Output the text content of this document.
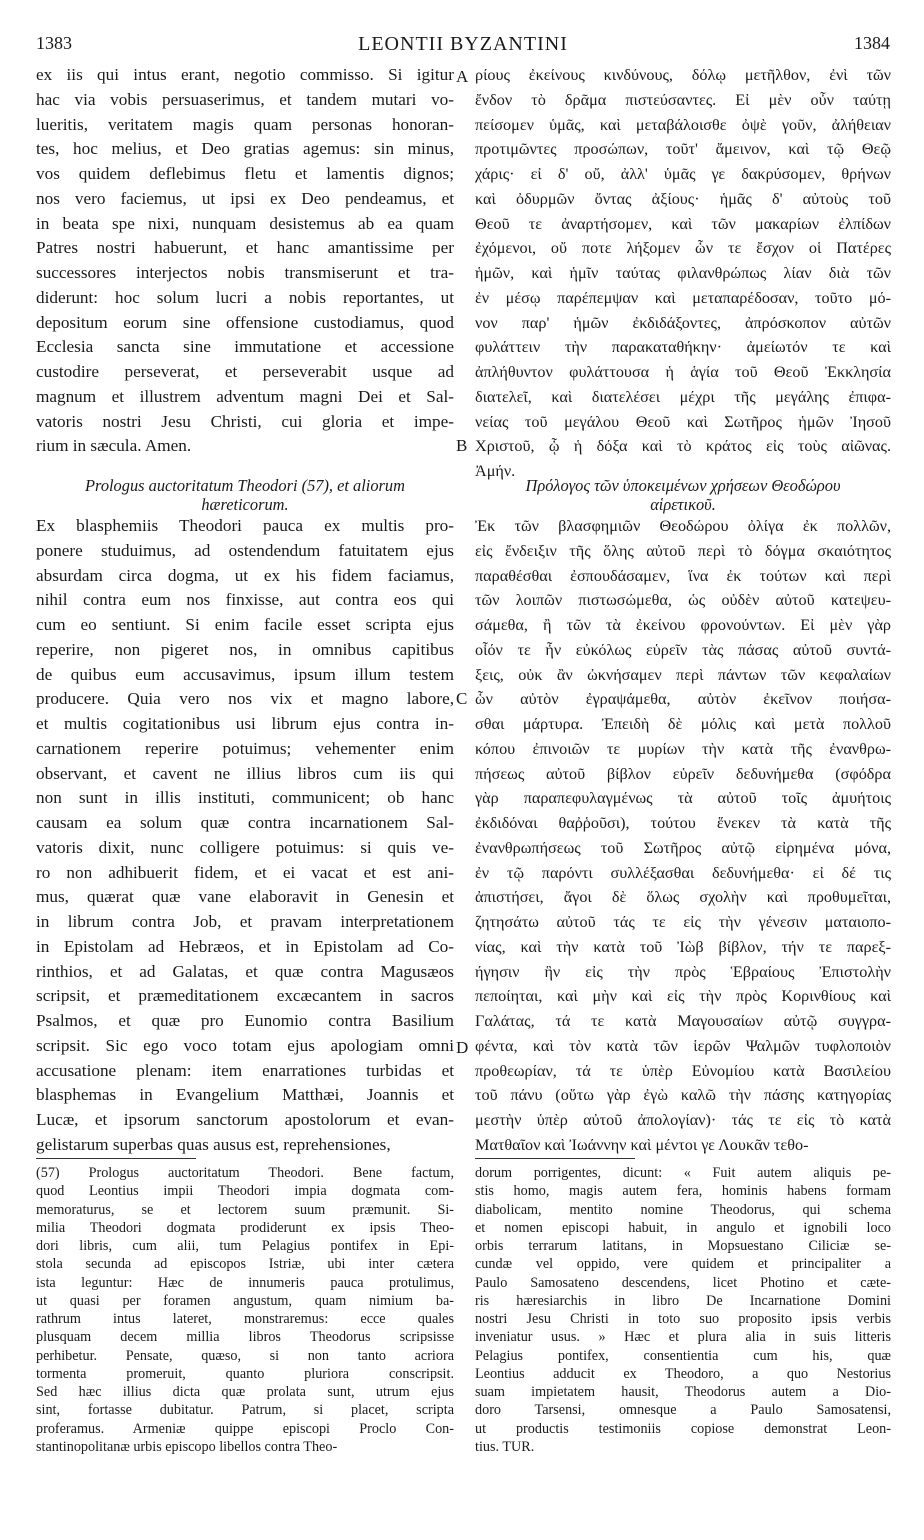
1383	LEONTII BYZANTINI	1384
ex iis qui intus erant, negotio commisso. Si igitur
hac via vobis persuaserimus, et tandem mutari vo-
lueritis, veritatem magis quam personas honoran-
tes, hoc melius, et Deo gratias agemus: sin minus,
vos quidem deflebimus fletu et lamentis dignos;
nos vero faciemus, ut ipsi ex Deo pendeamus, et
in beata spe nixi, nunquam desistemus ab ea quam
Patres nostri habuerunt, et hanc amantissime per
successores interjectos nobis transmiserunt et tra-
diderunt: hoc solum lucri a nobis reportantes, ut
depositum eorum sine offensione custodiamus, quod
Ecclesia sancta sine immutatione et accessione
custodire perseverat, et perseverabit usque ad
magnum et illustrem adventum magni Dei et Sal-
vatoris nostri Jesu Christi, cui gloria et impe-
rium in sæcula. Amen.
Prologus auctoritatum Theodori (57), et aliorum
hæreticorum.
Ex blasphemiis Theodori pauca ex multis pro-
ponere studuimus, ad ostendendum fatuitatem ejus
absurdam circa dogma, ut ex his fidem faciamus,
nihil contra eum nos finxisse, aut contra eos qui
cum eo sentiunt. Si enim facile esset scripta ejus
reperire, non pigeret nos, in omnibus capitibus
de quibus eum accusavimus, ipsum illum testem
producere. Quia vero nos vix et magno labore,
et multis cogitationibus usi librum ejus contra in-
carnationem reperire potuimus; vehementer enim
observant, et cavent ne illius libros cum iis qui
non sunt in illis instituti, communicent; ob hanc
causam ea solum quæ contra incarnationem Sal-
vatoris dixit, nunc colligere potuimus: si quis ve-
ro non adhibuerit fidem, et ei vacat et est ani-
mus, quærat quæ vane elaboravit in Genesin et
in librum contra Job, et pravam interpretationem
in Epistolam ad Hebræos, et in Epistolam ad Co-
rinthios, et ad Galatas, et quæ contra Magusæos
scripsit, et præmeditationem excæcantem in sacros
Psalmos, et quæ pro Eunomio contra Basilium
scripsit. Sic ego voco totam ejus apologiam omni
accusatione plenam: item enarrationes turbidas et
blasphemas in Evangelium Matthæi, Joannis et
Lucæ, et ipsorum sanctorum apostolorum et evan-
gelistarum superbas quas ausus est, reprehensiones,
ρίους ἐκείνους κινδύνους, δόλῳ μετῆλθον, ἐνὶ τῶν
ἔνδον τὸ δρᾶμα πιστεύσαντες. Εἰ μὲν οὖν ταύτῃ
πείσομεν ὑμᾶς, καὶ μεταβάλοισθε ὀψὲ γοῦν, ἀλήθειαν
προτιμῶντες προσώπων, τοῦτ' ἄμεινον, καὶ τῷ Θεῷ
χάρις· εἰ δ' οὔ, ἀλλ' ὑμᾶς γε δακρύσομεν, θρήνων
καὶ ὀδυρμῶν ὄντας ἀξίους· ἡμᾶς δ' αὐτοὺς τοῦ
Θεοῦ τε ἀναρτήσομεν, καὶ τῶν μακαρίων ἐλπίδων
ἐχόμενοι, οὔ ποτε λήξομεν ὧν τε ἔσχον οἱ Πατέρες
ἡμῶν, καὶ ἡμῖν ταύτας φιλανθρώπως λίαν διὰ τῶν
ἐν μέσῳ παρέπεμψαν καὶ μεταπαρέδοσαν, τοῦτο μό-
νον παρ' ἡμῶν ἐκδιδάξοντες, ἀπρόσκοπον αὐτῶν
φυλάττειν τὴν παρακαταθήκην· ἀμείωτόν τε καὶ
ἀπλήθυντον φυλάττουσα ἡ ἁγία τοῦ Θεοῦ Ἐκκλησία
διατελεῖ, καὶ διατελέσει μέχρι τῆς μεγάλης ἐπιφα-
νείας τοῦ μεγάλου Θεοῦ καὶ Σωτῆρος ἡμῶν Ἰησοῦ
Χριστοῦ, ᾧ ἡ δόξα καὶ τὸ κράτος εἰς τοὺς αἰῶνας.
Ἀμήν.
Πρόλογος τῶν ὑποκειμένων χρήσεων Θεοδώρου
αἱρετικοῦ.
Ἐκ τῶν βλασφημιῶν Θεοδώρου ὀλίγα ἐκ πολλῶν,
εἰς ἔνδειξιν τῆς ὅλης αὐτοῦ περὶ τὸ δόγμα σκαιότητος
παραθέσθαι ἐσπουδάσαμεν, ἵνα ἐκ τούτων καὶ περὶ
τῶν λοιπῶν πιστωσώμεθα, ὡς οὐδὲν αὐτοῦ κατεψευ-
σάμεθα, ἢ τῶν τὰ ἐκείνου φρονούντων. Εἰ μὲν γὰρ
οἷόν τε ἦν εὐκόλως εὑρεῖν τὰς πάσας αὐτοῦ συντά-
ξεις, οὐκ ἂν ὠκνήσαμεν περὶ πάντων τῶν κεφαλαίων
ὧν αὐτὸν ἐγραψάμεθα, αὐτὸν ἐκεῖνον ποιήσα-
σθαι μάρτυρα. Ἐπειδὴ δὲ μόλις καὶ μετὰ πολλοῦ
κόπου ἐπινοιῶν τε μυρίων τὴν κατὰ τῆς ἐνανθρω-
πήσεως αὐτοῦ βίβλον εὑρεῖν δεδυνήμεθα (σφόδρα
γὰρ παραπεφυλαγμένως τὰ αὐτοῦ τοῖς ἀμυήτοις
ἐκδιδόναι θαῤῥοῦσι), τούτου ἕνεκεν τὰ κατὰ τῆς
ἐνανθρωπήσεως τοῦ Σωτῆρος αὐτῷ εἰρημένα μόνα,
ἐν τῷ παρόντι συλλέξασθαι δεδυνήμεθα· εἰ δέ τις
ἀπιστήσει, ἄγοι δὲ ὅλως σχολὴν καὶ προθυμεῖται,
ζητησάτω αὐτοῦ τάς τε εἰς τὴν γένεσιν ματαιοπο-
νίας, καὶ τὴν κατὰ τοῦ Ἰὼβ βίβλον, τήν τε παρεξ-
ήγησιν ἣν εἰς τὴν πρὸς Ἑβραίους Ἐπιστολὴν
πεποίηται, καὶ μὴν καὶ εἰς τὴν πρὸς Κορινθίους καὶ
Γαλάτας, τά τε κατὰ Μαγουσαίων αὐτῷ συγγρα-
φέντα, καὶ τὸν κατὰ τῶν ἱερῶν Ψαλμῶν τυφλοποιὸν
προθεωρίαν, τά τε ὑπὲρ Εὐνομίου κατὰ Βασιλείου
τοῦ πάνυ (οὕτω γὰρ ἐγὼ καλῶ τὴν πάσης κατηγορίας
μεστὴν ὑπὲρ αὐτοῦ ἀπολογίαν)· τάς τε εἰς τὸ κατὰ
Ματθαῖον καὶ Ἰωάννην καὶ μέντοι γε Λουκᾶν τεθο-
A
B
C
D
(57) Prologus auctoritatum Theodori. Bene factum,
quod Leontius impii Theodori impia dogmata com-
memoraturus, se et lectorem suum præmunit. Si-
milia Theodori dogmata prodiderunt ex ipsis Theo-
dori libris, cum alii, tum Pelagius pontifex in Epi-
stola secunda ad episcopos Istriæ, ubi inter cætera
ista leguntur: Hæc de innumeris pauca protulimus,
ut quasi per foramen angustum, quam nimium ba-
rathrum intus lateret, monstraremus: ecce quales
plusquam decem millia libros Theodorus scripsisse
perhibetur. Pensate, quæso, si non tanto acriora
tormenta promeruit, quanto pluriora conscripsit.
Sed hæc illius dicta quæ prolata sunt, utrum ejus
sint, fortasse dubitatur. Patrum, si placet, scripta
proferamus. Armeniæ quippe episcopi Proclo Con-
stantinopolitanæ urbis episcopo libellos contra Theo-
dorum porrigentes, dicunt: « Fuit autem aliquis pe-
stis homo, magis autem fera, hominis habens formam
diabolicam, mentito nomine Theodorus, qui schema
et nomen episcopi habuit, in angulo et ignobili loco
orbis terrarum latitans, in Mopsuestano Ciliciæ se-
cundæ vel oppido, vere quidem et principaliter a
Paulo Samosateno descendens, licet Photino et cæte-
ris hæresiarchis in libro De Incarnatione Domini
nostri Jesu Christi in toto suo proposito ipsis verbis
inveniatur usus. » Hæc et plura alia in suis litteris
Pelagius pontifex, consentientia cum his, quæ
Leontius adducit ex Theodoro, a quo Nestorius
suam impietatem hausit, Theodorus autem a Dio-
doro Tarsensi, omnesque a Paulo Samosatensi,
ut productis testimoniis copiose demonstrat Leon-
tius. TUR.
